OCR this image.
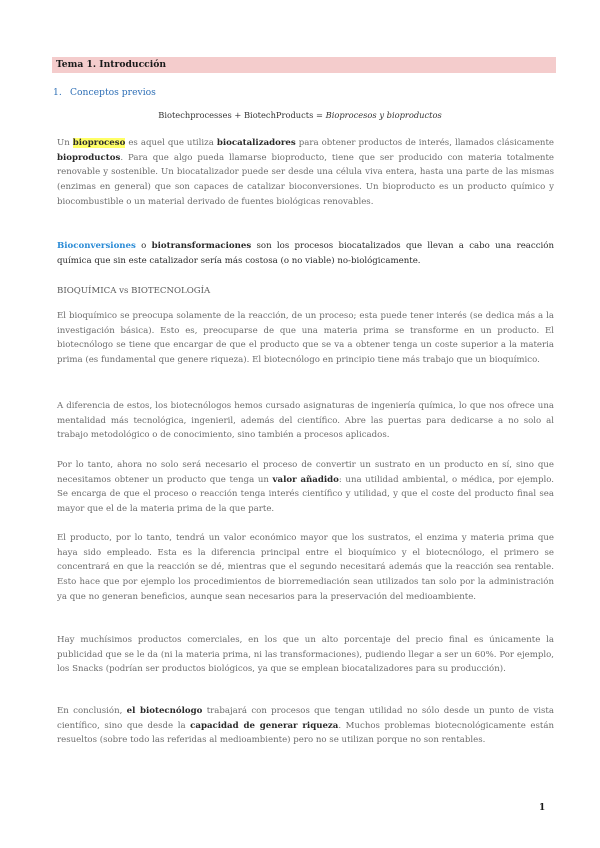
Tema 1. Introducción
1. Conceptos previos
Biotechprocesses + BiotechProducts = Bioprocesos y bioproductos
Un bioproceso es aquel que utiliza biocatalizadores para obtener productos de interés, llamados clásicamente bioproductos. Para que algo pueda llamarse bioproducto, tiene que ser producido con materia totalmente renovable y sostenible. Un biocatalizador puede ser desde una célula viva entera, hasta una parte de las mismas (enzimas en general) que son capaces de catalizar bioconversiones. Un bioproducto es un producto químico y biocombustible o un material derivado de fuentes biológicas renovables.
Bioconversiones o biotransformaciones son los procesos biocatalizados que llevan a cabo una reacción química que sin este catalizador sería más costosa (o no viable) no-biológicamente.
BIOQUÍMICA vs BIOTECNOLOGÍA
El bioquímico se preocupa solamente de la reacción, de un proceso; esta puede tener interés (se dedica más a la investigación básica). Esto es, preocuparse de que una materia prima se transforme en un producto. El biotecnólogo se tiene que encargar de que el producto que se va a obtener tenga un coste superior a la materia prima (es fundamental que genere riqueza). El biotecnólogo en principio tiene más trabajo que un bioquímico.
A diferencia de estos, los biotecnólogos hemos cursado asignaturas de ingeniería química, lo que nos ofrece una mentalidad más tecnológica, ingenieril, además del científico. Abre las puertas para dedicarse a no solo al trabajo metodológico o de conocimiento, sino también a procesos aplicados.
Por lo tanto, ahora no solo será necesario el proceso de convertir un sustrato en un producto en sí, sino que necesitamos obtener un producto que tenga un valor añadido: una utilidad ambiental, o médica, por ejemplo. Se encarga de que el proceso o reacción tenga interés científico y utilidad, y que el coste del producto final sea mayor que el de la materia prima de la que parte.
El producto, por lo tanto, tendrá un valor económico mayor que los sustratos, el enzima y materia prima que haya sido empleado. Esta es la diferencia principal entre el bioquímico y el biotecnólogo, el primero se concentrará en que la reacción se dé, mientras que el segundo necesitará además que la reacción sea rentable. Esto hace que por ejemplo los procedimientos de biorremediación sean utilizados tan solo por la administración ya que no generan beneficios, aunque sean necesarios para la preservación del medioambiente.
Hay muchísimos productos comerciales, en los que un alto porcentaje del precio final es únicamente la publicidad que se le da (ni la materia prima, ni las transformaciones), pudiendo llegar a ser un 60%. Por ejemplo, los Snacks (podrían ser productos biológicos, ya que se emplean biocatalizadores para su producción).
En conclusión, el biotecnólogo trabajará con procesos que tengan utilidad no sólo desde un punto de vista científico, sino que desde la capacidad de generar riqueza. Muchos problemas biotecnológicamente están resueltos (sobre todo las referidas al medioambiente) pero no se utilizan porque no son rentables.
1
